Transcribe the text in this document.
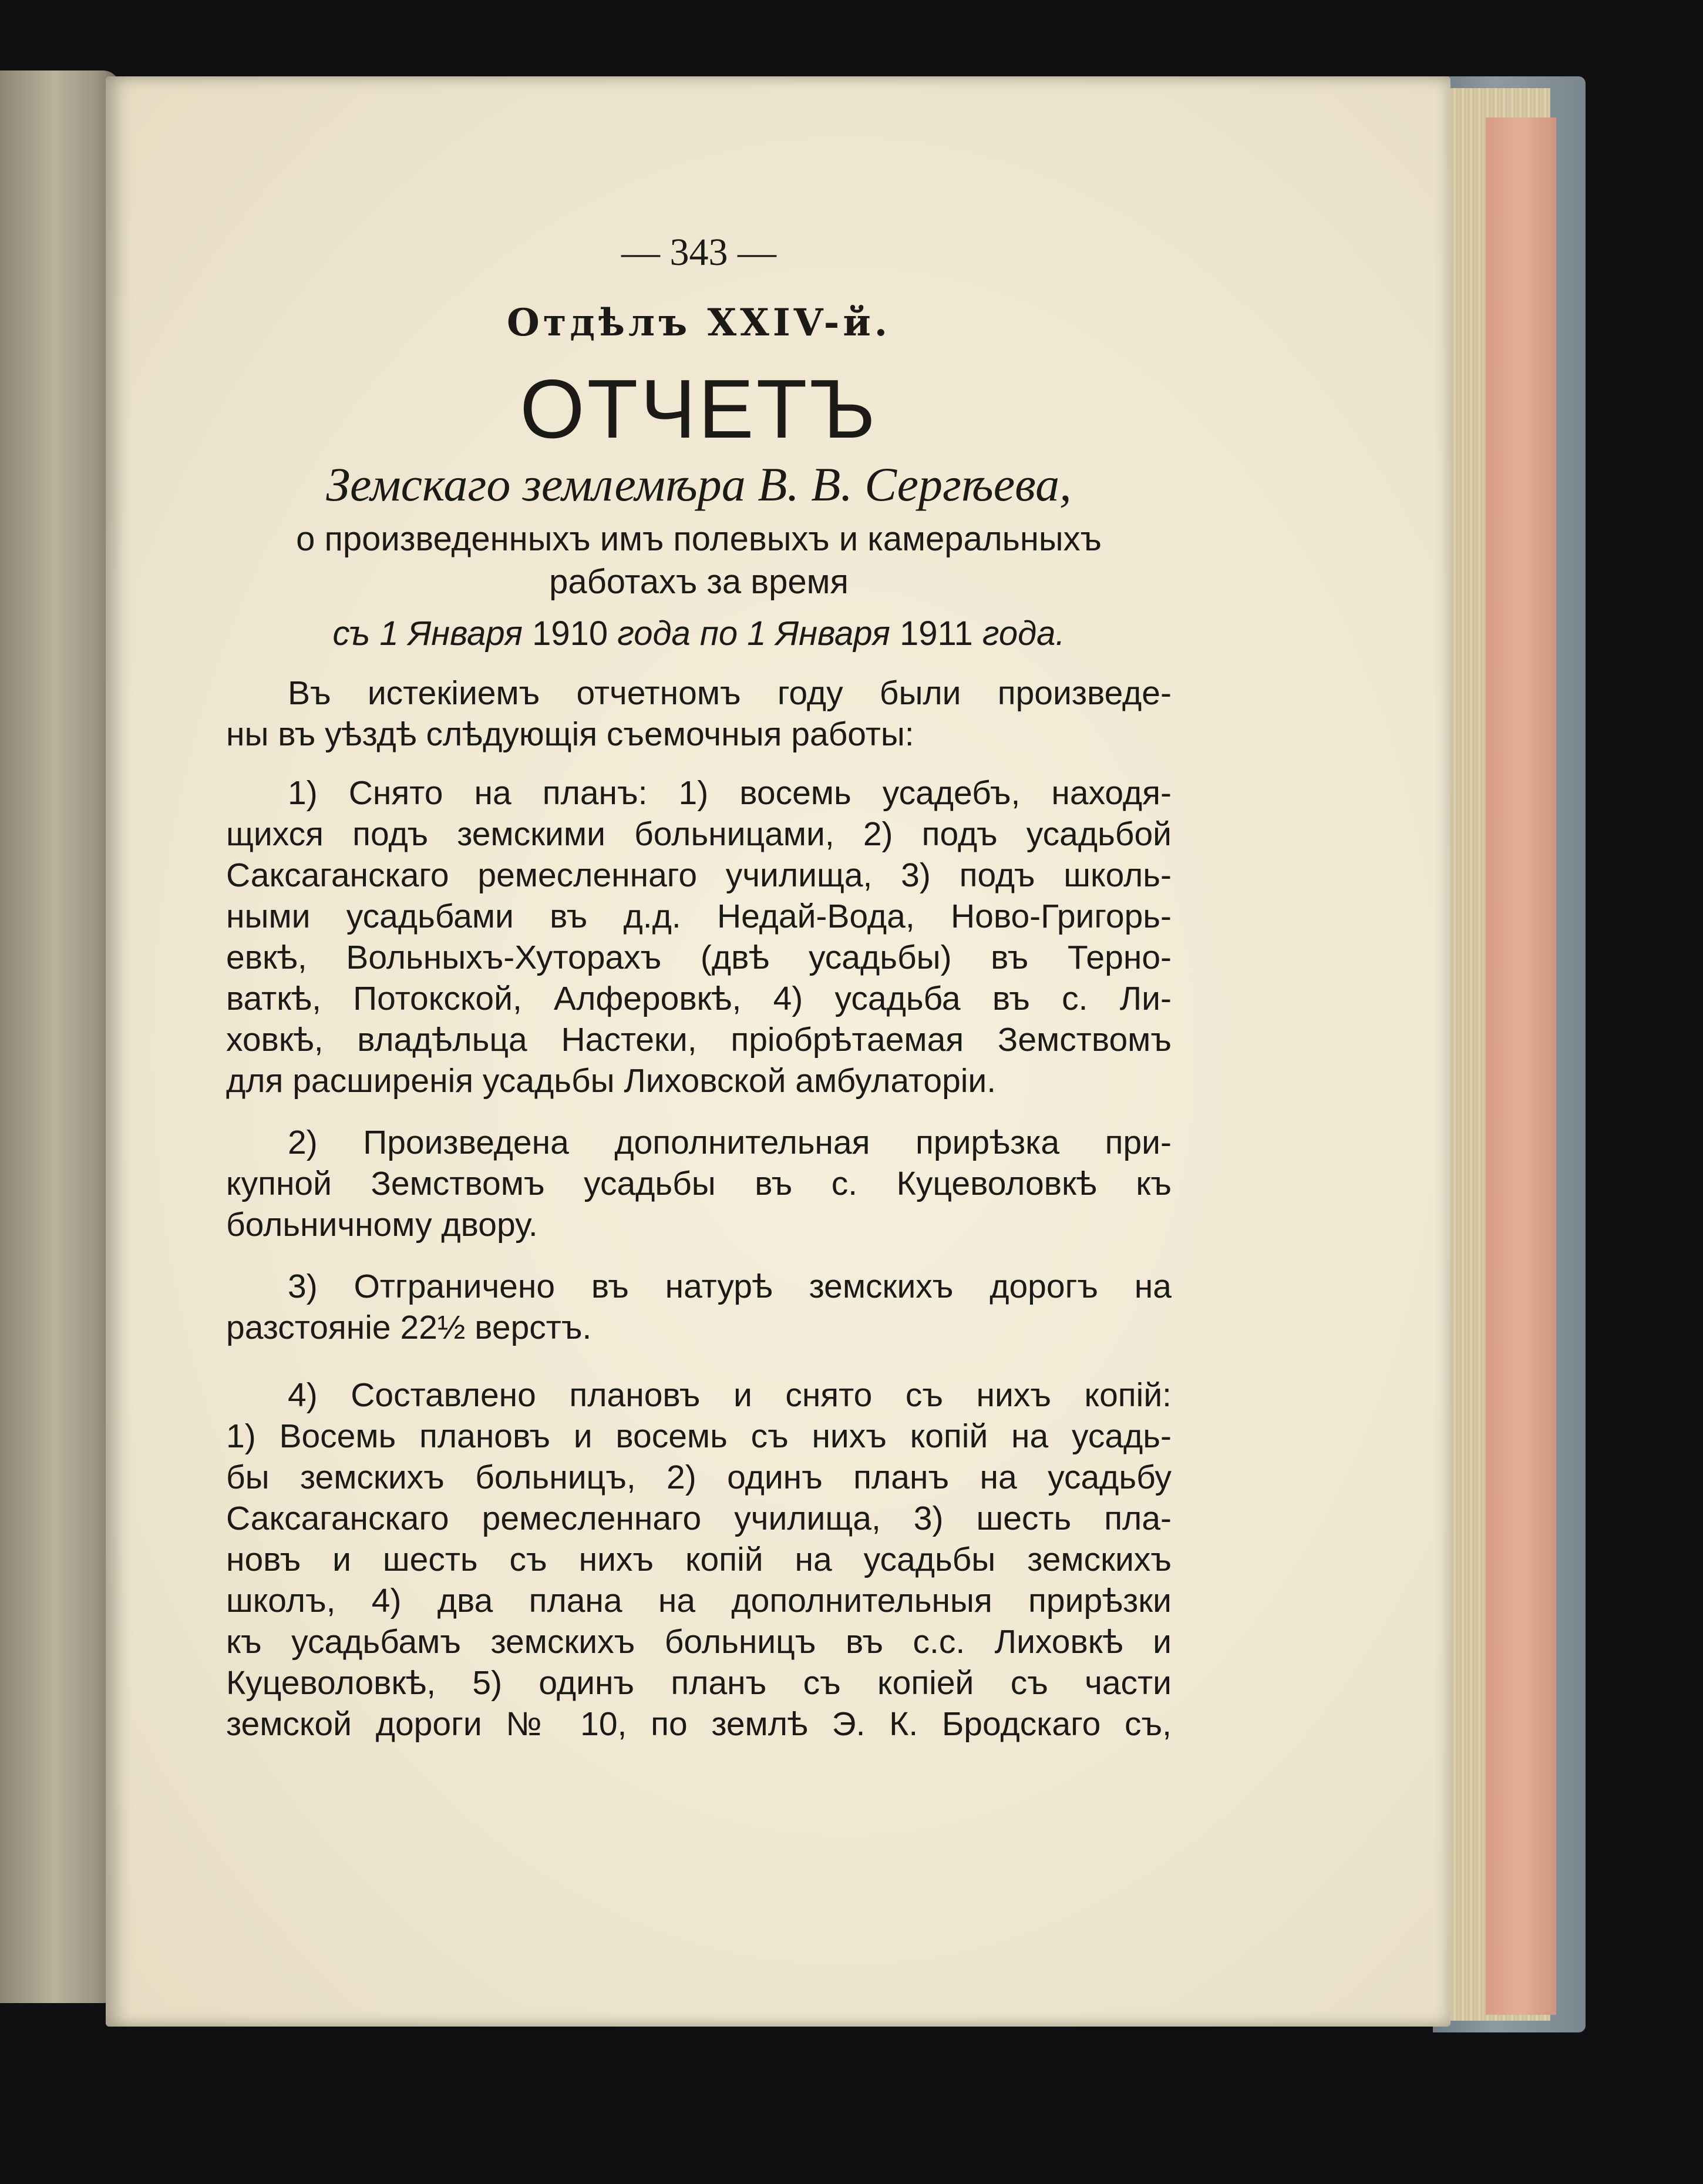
— 343 —
Отдѣлъ XXIV-й.
ОТЧЕТЪ
Земскаго землемѣра В. В. Сергѣева,
о произведенныхъ имъ полевыхъ и камеральныхъ
работахъ за время
съ 1 Января 1910 года по 1 Января 1911 года.
Въ истекіиемъ отчетномъ году были произведе-
ны въ уѣздѣ слѣдующія съемочныя работы:
1) Снято на планъ: 1) восемь усадебъ, находя-
щихся подъ земскими больницами, 2) подъ усадьбой
Саксаганскаго ремесленнаго училища, 3) подъ школь-
ными усадьбами въ д.д. Недай-Вода, Ново-Григорь-
евкѣ, Вольныхъ-Хуторахъ (двѣ усадьбы) въ Терно-
ваткѣ, Потокской, Алферовкѣ, 4) усадьба въ с. Ли-
ховкѣ, владѣльца Настеки, пріобрѣтаемая Земствомъ
для расширенія усадьбы Лиховской амбулаторіи.
2) Произведена дополнительная прирѣзка при-
купной Земствомъ усадьбы въ с. Куцеволовкѣ къ
больничному двору.
3) Отграничено въ натурѣ земскихъ дорогъ на
разстояніе 22½ верстъ.
4) Составлено плановъ и снято съ нихъ копій:
1) Восемь плановъ и восемь съ нихъ копій на усадь-
бы земскихъ больницъ, 2) одинъ планъ на усадьбу
Саксаганскаго ремесленнаго училища, 3) шесть пла-
новъ и шесть съ нихъ копій на усадьбы земскихъ
школъ, 4) два плана на дополнительныя прирѣзки
къ усадьбамъ земскихъ больницъ въ с.с. Лиховкѣ и
Куцеволовкѣ, 5) одинъ планъ съ копіей съ части
земской дороги № 10, по землѣ Э. К. Бродскаго съ,
